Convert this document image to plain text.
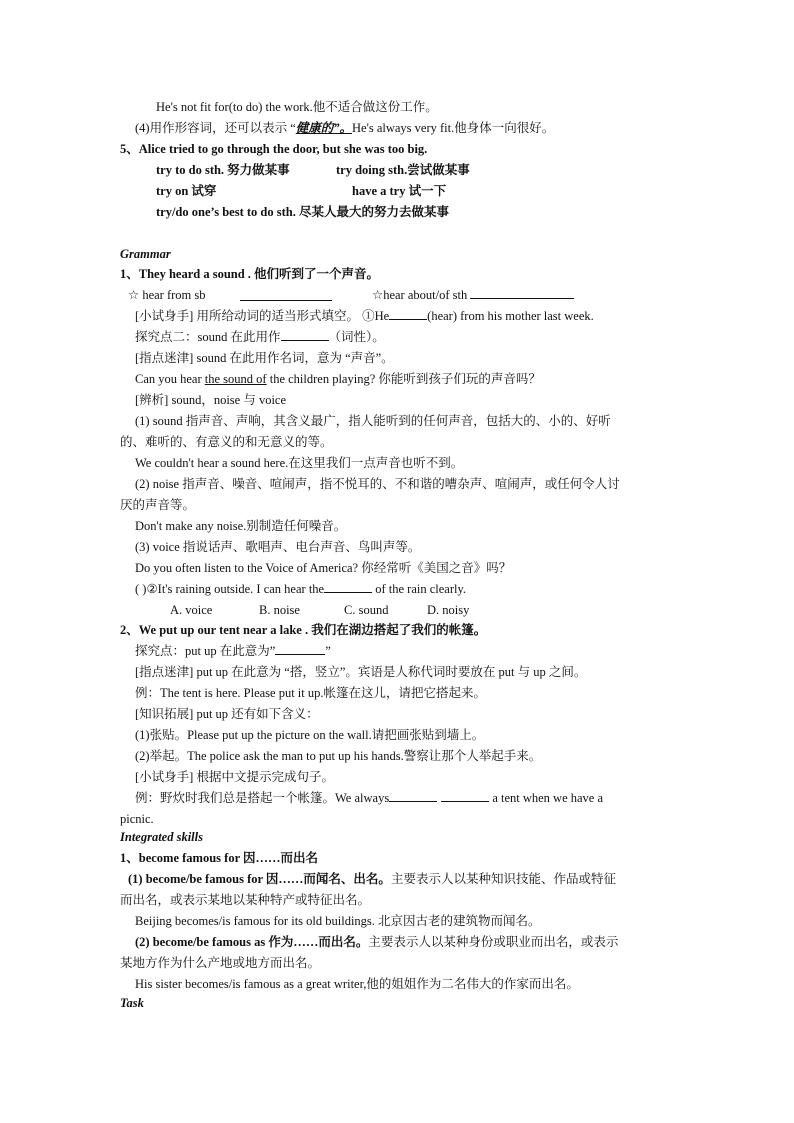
He's not fit for(to do) the work.他不适合做这份工作。
(4)用作形容词，还可以表示 “健康的”。He's always very fit.他身体一向很好。
5、Alice tried to go through the door, but she was too big.
try to do sth. 努力做某事	try doing sth.尝试做某事
try on 试穿	have a try 试一下
try/do one’s best to do sth. 尽某人最大的努力去做某事
Grammar
1、They heard a sound . 他们听到了一个声音。
☆ hear from sb	☆hear about/of sth
[小试身手] 用所给动词的适当形式填空。 ①He	(hear) from his mother last week.
探究点二：sound 在此用作	（词性）。
[指点迷津] sound 在此用作名词，意为 “声音”。
Can you hear the sound of the children playing? 你能听到孩子们玩的声音吗？
[辨析] sound，noise 与 voice
(1) sound 指声音、声响，其含义最广，指人能听到的任何声音，包括大的、小的、好听
的、难听的、有意义的和无意义的等。
We couldn't hear a sound here.在这里我们一点声音也听不到。
(2) noise 指声音、噪音、喧闹声，指不悦耳的、不和谐的嘈杂声、喧闹声，或任何令人讨
厌的声音等。
Don't make any noise.别制造任何噪音。
(3) voice 指说话声、歌唱声、电台声音、鸟叫声等。
Do you often listen to the Voice of America? 你经常听《美国之音》吗？
( )②It's raining outside. I can hear the	of the rain clearly.
A. voice	B. noise	C. sound	D. noisy
2、We put up our tent near a lake . 我们在湖边搭起了我们的帐篷。
探究点：put up 在此意为”	”
[指点迷津] put up 在此意为 “搭，竖立”。宾语是人称代词时要放在 put 与 up 之间。
例：The tent is here. Please put it up.帐篷在这儿，请把它搭起来。
[知识拓展] put up 还有如下含义：
(1)张贴。Please put up the picture on the wall.请把画张贴到墙上。
(2)举起。The police ask the man to put up his hands.警察让那个人举起手来。
[小试身手] 根据中文提示完成句子。
例：野炊时我们总是搭起一个帐篷。We always	a tent when we have a
picnic.
Integrated skills
1、become famous for 因……而出名
(1) become/be famous for 因……而闻名、出名。主要表示人以某种知识技能、作品或特征
而出名，或表示某地以某种特产或特征出名。
Beijing becomes/is famous for its old buildings. 北京因古老的建筑物而闻名。
(2) become/be famous as 作为……而出名。主要表示人以某种身份或职业而出名，或表示
某地方作为什么产地或地方而出名。
His sister becomes/is famous as a great writer,他的姐姐作为二名伟大的作家而出名。
Task
